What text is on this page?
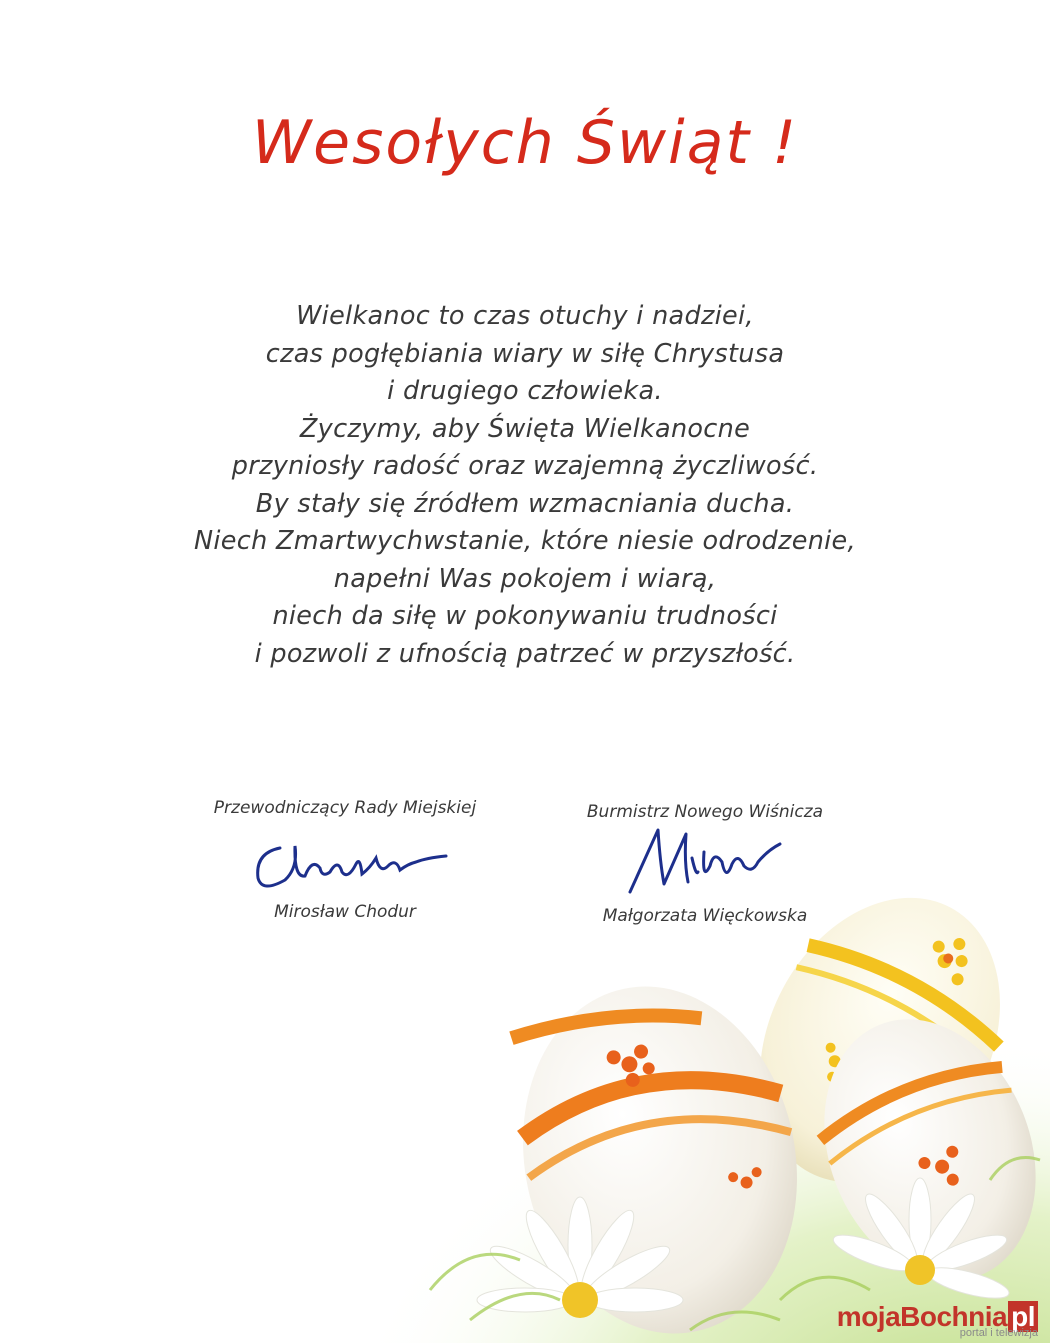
Wesołych Świąt !
Wielkanoc to czas otuchy i nadziei,
czas pogłębiania wiary w siłę Chrystusa
i drugiego człowieka.
Życzymy, aby Święta Wielkanocne
przyniosły radość oraz wzajemną życzliwość.
By stały się źródłem wzmacniania ducha.
Niech Zmartwychwstanie, które niesie odrodzenie,
napełni Was pokojem i wiarą,
niech da siłę w pokonywaniu trudności
i pozwoli z ufnością patrzeć w przyszłość.
Przewodniczący Rady Miejskiej
Mirosław Chodur
Burmistrz Nowego Wiśnicza
Małgorzata Więckowska
mojaBochnia pl
portal i telewizja
